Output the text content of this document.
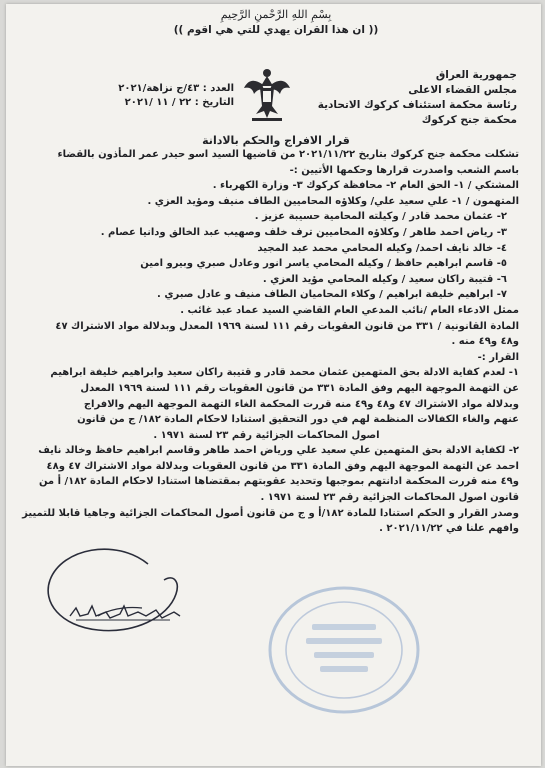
بِسْمِ اللهِ الرَّحْمنِ الرَّحِيمِ
(( ان هذا القران يهدي للتي هي اقوم ))
جمهورية العراق
مجلس القضاء الاعلى
رئاسة محكمة استئناف كركوك الاتحادية
محكمة جنح كركوك
العدد : ٤٣/ج نزاهة/٢٠٢١
التاريخ : ٢٢ / ١١ /٢٠٢١
قرار الافراج والحكم بالادانة

تشكلت محكمة جنح كركوك بتاريخ ٢٠٢١/١١/٢٢ من قاضيها السيد اسو حيدر عمر المأذون بالقضاء

باسم الشعب واصدرت قرارها وحكمها الأتيين :-

المشتكي / ١- الحق العام ٢- محافظة كركوك ٣- وزارة الكهرباء .

المتهمون / ١- علي سعيد علي/ وكلاؤه المحاميين الطاف منيف ومؤيد العزي .

٢- عثمان محمد قادر / وكيلته المحامية حسيبة عزيز .

٣- رياض احمد طاهر / وكلاؤه المحاميين ترف خلف وصهيب عبد الخالق ودانيا عصام .

٤- خالد نايف احمد/ وكيله المحامي محمد عبد المجيد

٥- قاسم ابراهيم حافظ / وكيله المحامي ياسر انور وعادل صبري وبيرو امين

٦- قتيبة راكان سعيد / وكيله المحامي مؤيد العزي .

٧- ابراهيم خليفة ابراهيم / وكلاء المحاميان الطاف منيف و عادل صبري .

ممثل الادعاء العام /نائب المدعي العام القاضي السيد عماد عبد غائب .

المادة القانونية / ٣٣١ من قانون العقوبات رقم ١١١ لسنة ١٩٦٩ المعدل وبدلالة مواد الاشتراك ٤٧

و٤٨ و٤٩ منه .

القرار :-

١- لعدم كفاية الادلة بحق المتهمين عثمان محمد قادر و قتيبة راكان سعيد وابراهيم خليفة ابراهيم

عن التهمة الموجهة اليهم وفق المادة ٣٣١ من قانون العقوبات رقم ١١١ لسنة ١٩٦٩ المعدل

وبدلالة مواد الاشتراك ٤٧ و٤٨ و٤٩ منه قررت المحكمة الغاء التهمة الموجهة اليهم والافراج

عنهم والغاء الكفالات المنظمة لهم في دور التحقيق استنادا لاحكام المادة ١٨٢/ ج من قانون

اصول المحاكمات الجزائية رقم ٢٣ لسنة ١٩٧١ .

٢- لكفاية الادلة بحق المتهمين علي سعيد علي ورياض احمد طاهر وقاسم ابراهيم حافظ وخالد نايف

احمد عن التهمة الموجهة اليهم وفق المادة ٣٣١ من قانون العقوبات وبدلالة مواد الاشتراك ٤٧ و٤٨

و٤٩ منه قررت المحكمة ادانتهم بموجبها وتحديد عقوبتهم بمقتضاها استنادا لاحكام المادة ١٨٢/ أ من

قانون اصول المحاكمات الجزائية رقم ٢٣ لسنة ١٩٧١ .

وصدر القرار و الحكم استنادا للمادة ١٨٢/أ و ج من قانون أصول المحاكمات الجزائية وجاهيا قابلا للتمييز

وافهم علنا في ٢٠٢١/١١/٢٢ .
